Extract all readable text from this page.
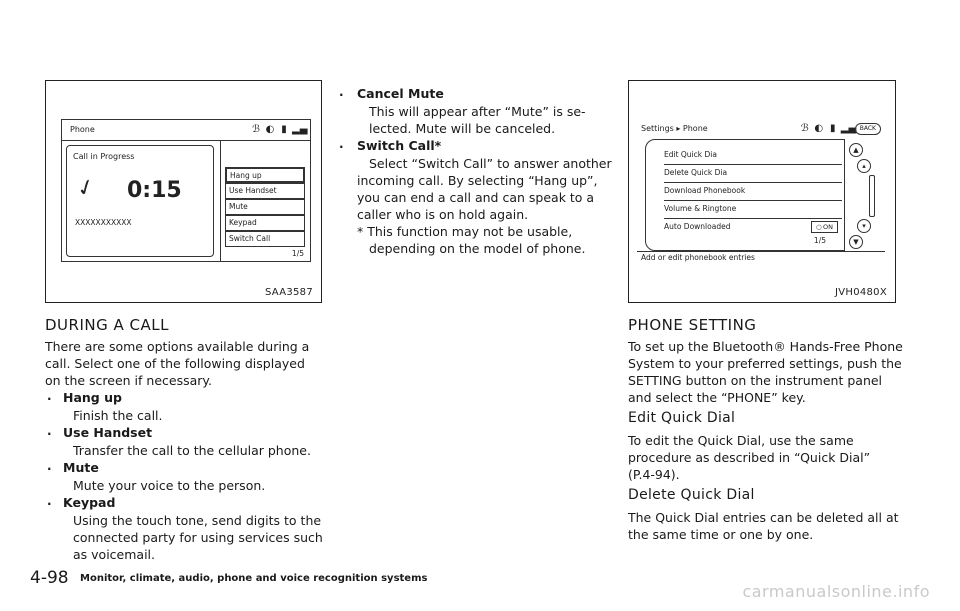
Phone	ℬ ◐ ▮ ▂▄
Call in Progress
✓ 0:15
XXXXXXXXXXX
Hang up
Use Handset
Mute
Keypad
Switch Call
1/5
SAA3587
Settings ▸ Phone	ℬ ◐ ▮ ▂▄ BACK
Edit Quick Dia
Delete Quick Dia
Download Phonebook
Volume & Ringtone
Auto Downloaded	○ ON
1/5
▲
▴
▾
▼
Add or edit phonebook entries
JVH0480X
DURING A CALL
There are some options available during a
call. Select one of the following displayed
on the screen if necessary.
. Hang up
Finish the call.
. Use Handset
Transfer the call to the cellular phone.
. Mute
Mute your voice to the person.
. Keypad
Using the touch tone, send digits to the
connected party for using services such
as voicemail.
. Cancel Mute
This will appear after “Mute” is se-
lected. Mute will be canceled.
. Switch Call*
Select “Switch Call” to answer another
incoming call. By selecting “Hang up”,
you can end a call and can speak to a
caller who is on hold again.
* This function may not be usable,
depending on the model of phone.
PHONE SETTING
To set up the Bluetooth® Hands-Free Phone
System to your preferred settings, push the
SETTING button on the instrument panel
and select the “PHONE” key.
Edit Quick Dial
To edit the Quick Dial, use the same
procedure as described in “Quick Dial”
(P.4-94).
Delete Quick Dial
The Quick Dial entries can be deleted all at
the same time or one by one.
4-98 Monitor, climate, audio, phone and voice recognition systems
carmanualsonline.info
